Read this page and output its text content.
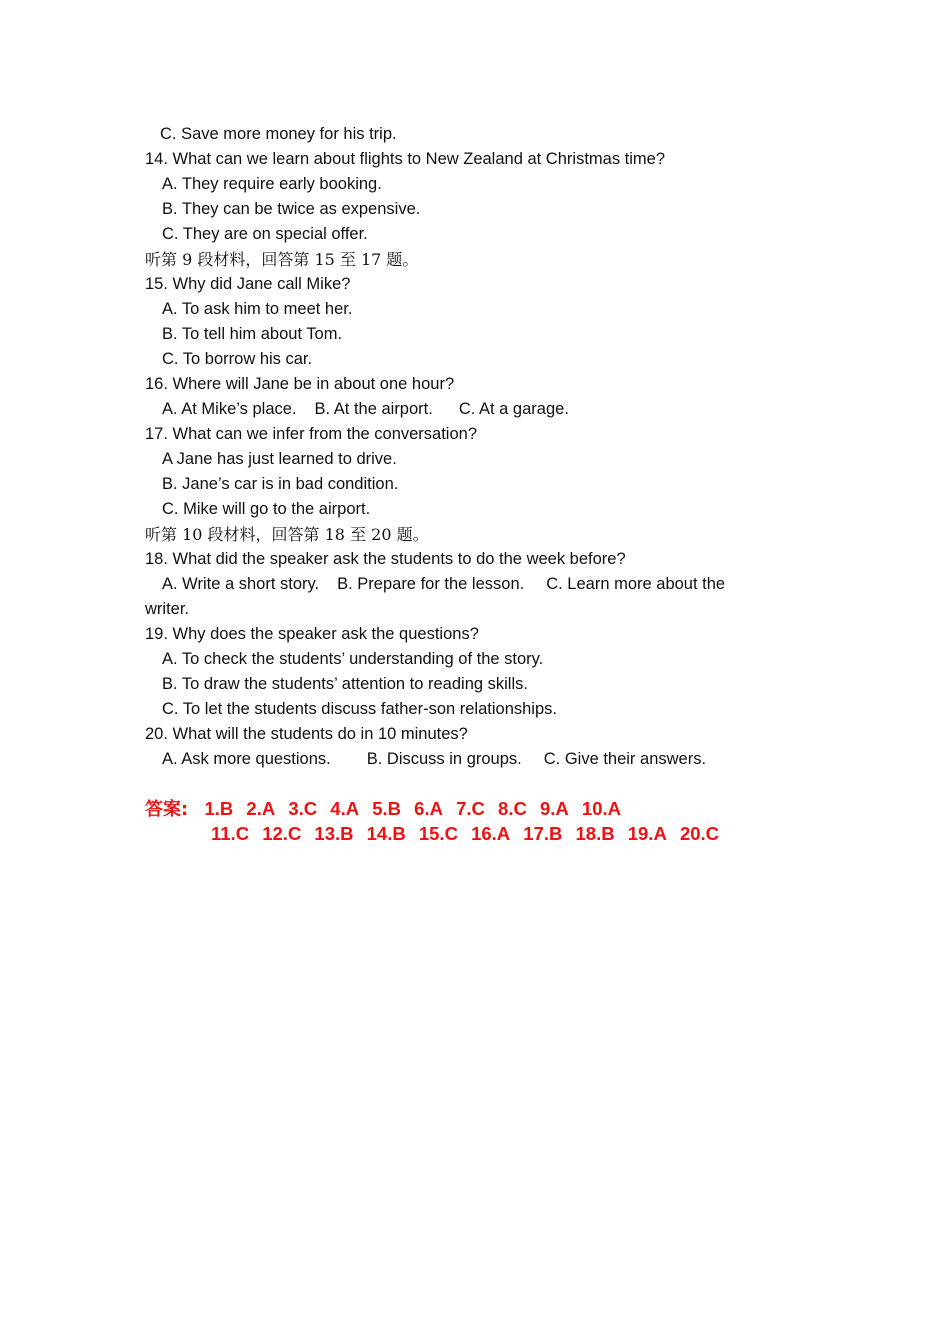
C. Save more money for his trip.
14. What can we learn about flights to New Zealand at Christmas time?
A. They require early booking.
B. They can be twice as expensive.
C. They are on special offer.
听第 9 段材料，回答第 15 至 17 题。
15. Why did Jane call Mike?
A. To ask him to meet her.
B. To tell him about Tom.
C. To borrow his car.
16. Where will Jane be in about one hour?
A. At Mike’s place. B. At the airport. C. At a garage.
17. What can we infer from the conversation?
A Jane has just learned to drive.
B. Jane’s car is in bad condition.
C. Mike will go to the airport.
听第 10 段材料，回答第 18 至 20 题。
18. What did the speaker ask the students to do the week before?
A. Write a short story. B. Prepare for the lesson. C. Learn more about the
writer.
19. Why does the speaker ask the questions?
A. To check the students’ understanding of the story.
B. To draw the students’ attention to reading skills.
C. To let the students discuss father-son relationships.
20. What will the students do in 10 minutes?
A. Ask more questions. B. Discuss in groups. C. Give their answers.
答案: 1.B 2.A 3.C 4.A 5.B 6.A 7.C 8.C 9.A 10.A
11.C 12.C 13.B 14.B 15.C 16.A 17.B 18.B 19.A 20.C
